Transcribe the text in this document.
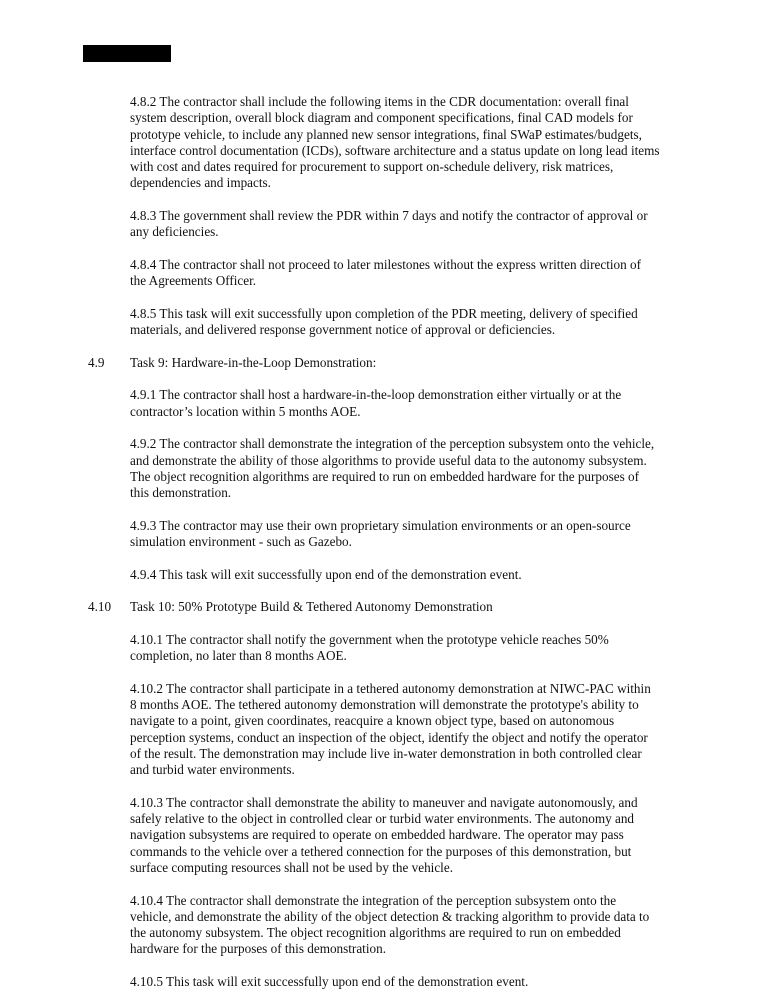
4.8.2 The contractor shall include the following items in the CDR documentation: overall final
system description, overall block diagram and component specifications, final CAD models for
prototype vehicle, to include any planned new sensor integrations, final SWaP estimates/budgets,
interface control documentation (ICDs), software architecture and a status update on long lead items
with cost and dates required for procurement to support on-schedule delivery, risk matrices,
dependencies and impacts.
4.8.3 The government shall review the PDR within 7 days and notify the contractor of approval or
any deficiencies.
4.8.4 The contractor shall not proceed to later milestones without the express written direction of
the Agreements Officer.
4.8.5 This task will exit successfully upon completion of the PDR meeting, delivery of specified
materials, and delivered response government notice of approval or deficiencies.
4.9	Task 9: Hardware-in-the-Loop Demonstration:
4.9.1 The contractor shall host a hardware-in-the-loop demonstration either virtually or at the
contractor’s location within 5 months AOE.
4.9.2 The contractor shall demonstrate the integration of the perception subsystem onto the vehicle,
and demonstrate the ability of those algorithms to provide useful data to the autonomy subsystem.
The object recognition algorithms are required to run on embedded hardware for the purposes of
this demonstration.
4.9.3 The contractor may use their own proprietary simulation environments or an open-source
simulation environment - such as Gazebo.
4.9.4 This task will exit successfully upon end of the demonstration event.
4.10	Task 10: 50% Prototype Build & Tethered Autonomy Demonstration
4.10.1 The contractor shall notify the government when the prototype vehicle reaches 50%
completion, no later than 8 months AOE.
4.10.2 The contractor shall participate in a tethered autonomy demonstration at NIWC-PAC within
8 months AOE. The tethered autonomy demonstration will demonstrate the prototype's ability to
navigate to a point, given coordinates, reacquire a known object type, based on autonomous
perception systems, conduct an inspection of the object, identify the object and notify the operator
of the result. The demonstration may include live in-water demonstration in both controlled clear
and turbid water environments.
4.10.3 The contractor shall demonstrate the ability to maneuver and navigate autonomously, and
safely relative to the object in controlled clear or turbid water environments. The autonomy and
navigation subsystems are required to operate on embedded hardware. The operator may pass
commands to the vehicle over a tethered connection for the purposes of this demonstration, but
surface computing resources shall not be used by the vehicle.
4.10.4 The contractor shall demonstrate the integration of the perception subsystem onto the
vehicle, and demonstrate the ability of the object detection & tracking algorithm to provide data to
the autonomy subsystem. The object recognition algorithms are required to run on embedded
hardware for the purposes of this demonstration.
4.10.5 This task will exit successfully upon end of the demonstration event.
